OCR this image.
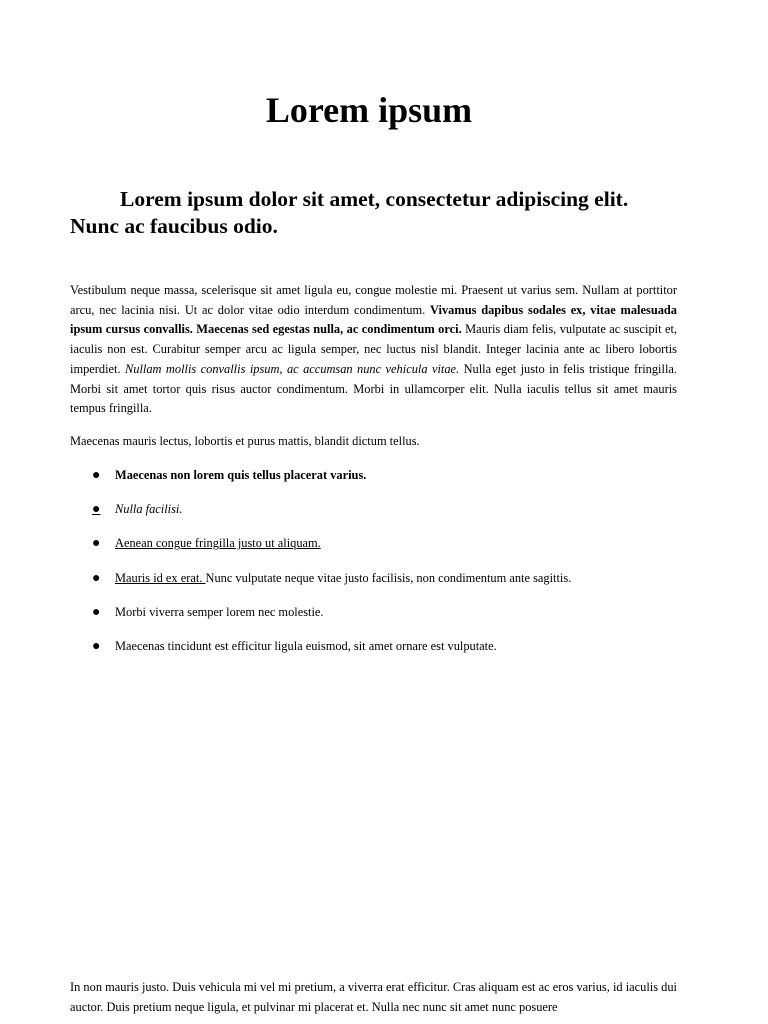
Lorem ipsum
Lorem ipsum dolor sit amet, consectetur adipiscing elit. Nunc ac faucibus odio.

Vestibulum neque massa, scelerisque sit amet ligula eu, congue molestie mi. Praesent ut varius sem. Nullam at porttitor arcu, nec lacinia nisi. Ut ac dolor vitae odio interdum condimentum. Vivamus dapibus sodales ex, vitae malesuada ipsum cursus convallis. Maecenas sed egestas nulla, ac condimentum orci. Mauris diam felis, vulputate ac suscipit et, iaculis non est. Curabitur semper arcu ac ligula semper, nec luctus nisl blandit. Integer lacinia ante ac libero lobortis imperdiet. Nullam mollis convallis ipsum, ac accumsan nunc vehicula vitae. Nulla eget justo in felis tristique fringilla. Morbi sit amet tortor quis risus auctor condimentum. Morbi in ullamcorper elit. Nulla iaculis tellus sit amet mauris tempus fringilla.

Maecenas mauris lectus, lobortis et purus mattis, blandit dictum tellus.

● Maecenas non lorem quis tellus placerat varius.
● Nulla facilisi.
● Aenean congue fringilla justo ut aliquam.
● Mauris id ex erat. Nunc vulputate neque vitae justo facilisis, non condimentum ante sagittis.
● Morbi viverra semper lorem nec molestie.
● Maecenas tincidunt est efficitur ligula euismod, sit amet ornare est vulputate.

In non mauris justo. Duis vehicula mi vel mi pretium, a viverra erat efficitur. Cras aliquam est ac eros varius, id iaculis dui auctor. Duis pretium neque ligula, et pulvinar mi placerat et. Nulla nec nunc sit amet nunc posuere
